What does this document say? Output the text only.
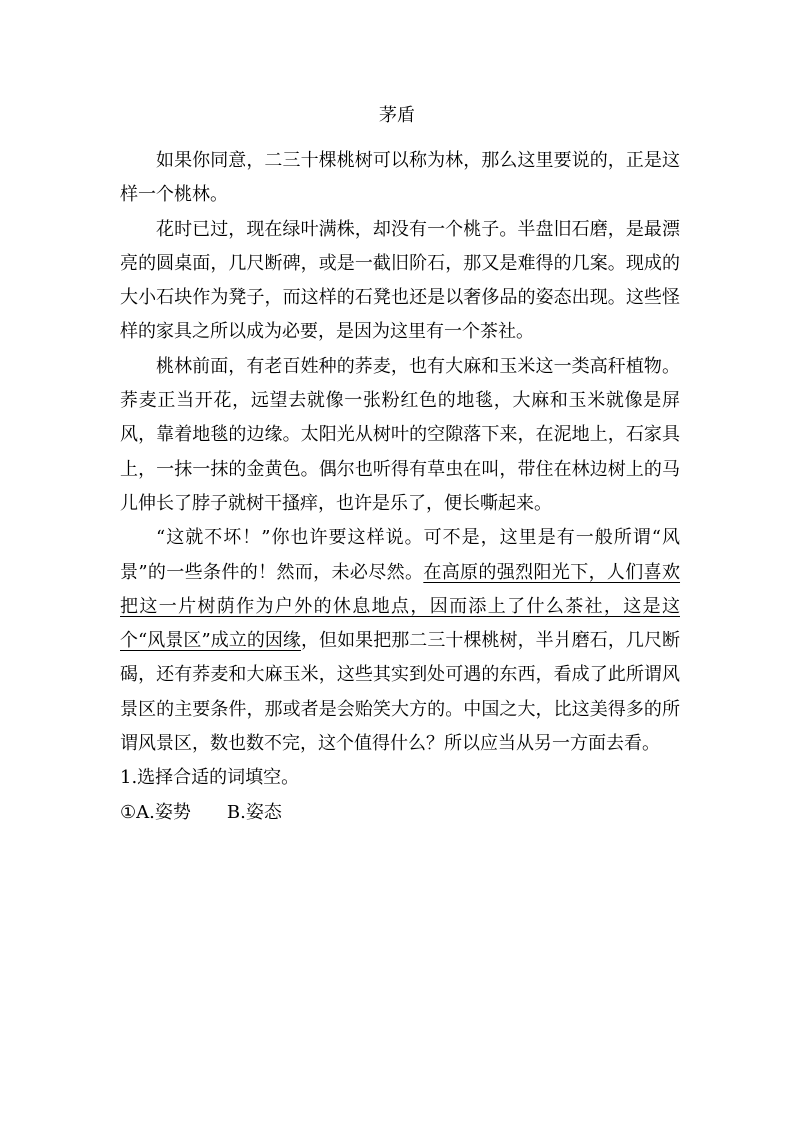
茅盾

如果你同意，二三十棵桃树可以称为林，那么这里要说的，正是这样一个桃林。

花时已过，现在绿叶满株，却没有一个桃子。半盘旧石磨，是最漂亮的圆桌面，几尺断碑，或是一截旧阶石，那又是难得的几案。现成的大小石块作为凳子，而这样的石凳也还是以奢侈品的姿态出现。这些怪样的家具之所以成为必要，是因为这里有一个茶社。

桃林前面，有老百姓种的荞麦，也有大麻和玉米这一类高秆植物。荞麦正当开花，远望去就像一张粉红色的地毯，大麻和玉米就像是屏风，靠着地毯的边缘。太阳光从树叶的空隙落下来，在泥地上，石家具上，一抹一抹的金黄色。偶尔也听得有草虫在叫，带住在林边树上的马儿伸长了脖子就树干搔痒，也许是乐了，便长嘶起来。

“这就不坏！”你也许要这样说。可不是，这里是有一般所谓“风景”的一些条件的！然而，未必尽然。在高原的强烈阳光下，人们喜欢把这一片树荫作为户外的休息地点，因而添上了什么茶社，这是这个“风景区”成立的因缘，但如果把那二三十棵桃树，半爿磨石，几尺断碣，还有荞麦和大麻玉米，这些其实到处可遇的东西，看成了此所谓风景区的主要条件，那或者是会贻笑大方的。中国之大，比这美得多的所谓风景区，数也数不完，这个值得什么？所以应当从另一方面去看。

1.选择合适的词填空。

①A.姿势 B.姿态
